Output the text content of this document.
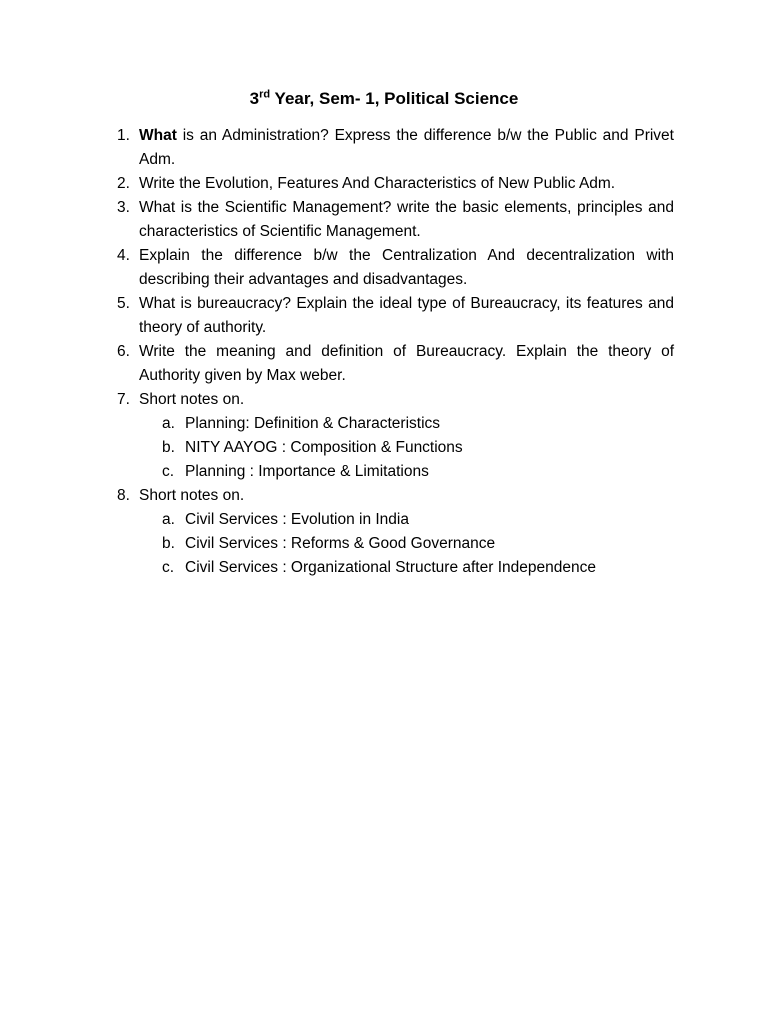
3rd Year, Sem- 1, Political Science
1. What is an Administration? Express the difference b/w the Public and Privet Adm.
2. Write the Evolution, Features And Characteristics of New Public Adm.
3. What is the Scientific Management? write the basic elements, principles and characteristics of Scientific Management.
4. Explain the difference b/w the Centralization And decentralization with describing their advantages and disadvantages.
5. What is bureaucracy? Explain the ideal type of Bureaucracy, its features and theory of authority.
6. Write the meaning and definition of Bureaucracy. Explain the theory of Authority given by Max weber.
7. Short notes on.
a. Planning: Definition & Characteristics
b. NITY AAYOG : Composition & Functions
c. Planning : Importance & Limitations
8. Short notes on.
a. Civil Services : Evolution in India
b. Civil Services : Reforms & Good Governance
c. Civil Services : Organizational Structure after Independence
